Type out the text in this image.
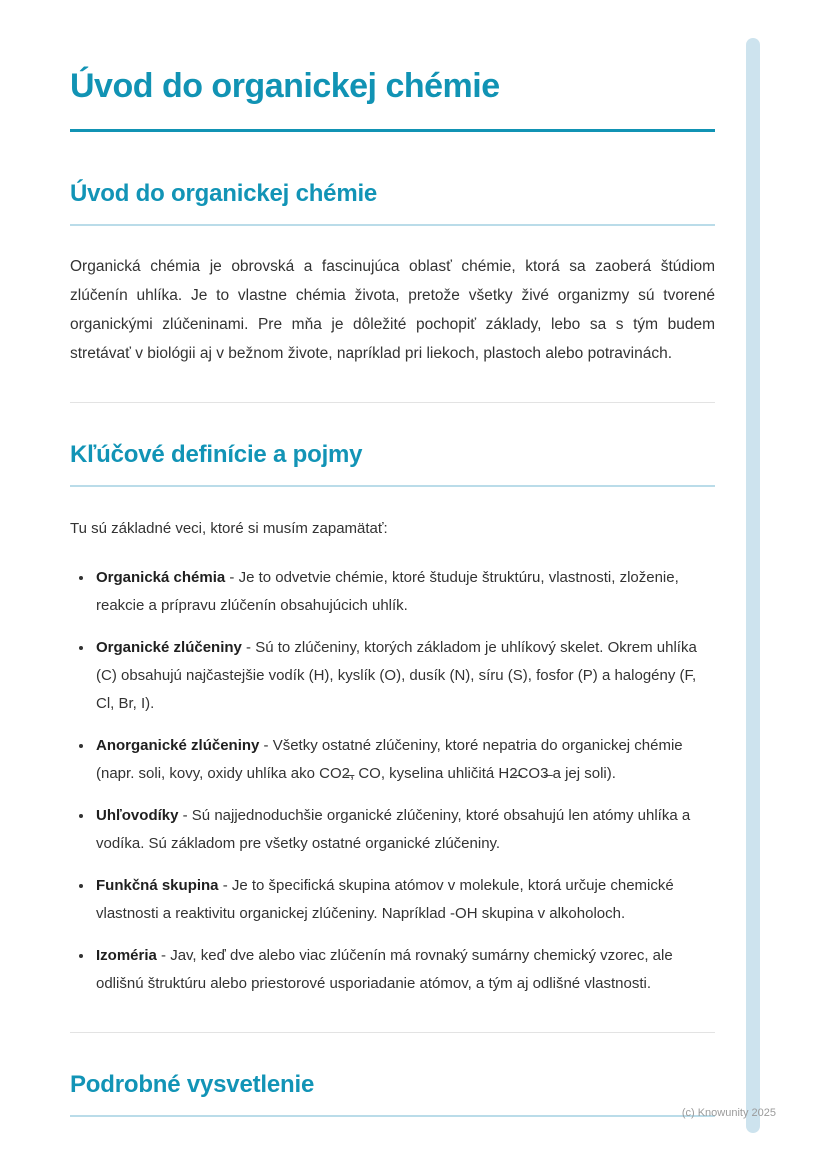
Úvod do organickej chémie
Úvod do organickej chémie

Organická chémia je obrovská a fascinujúca oblasť chémie, ktorá sa zaoberá štúdiom zlúčenín uhlíka. Je to vlastne chémia života, pretože všetky živé organizmy sú tvorené organickými zlúčeninami. Pre mňa je dôležité pochopiť základy, lebo sa s tým budem stretávať v biológii aj v bežnom živote, napríklad pri liekoch, plastoch alebo potravinách.

Kľúčové definície a pojmy

Tu sú základné veci, ktoré si musím zapamätať:

• Organická chémia - Je to odvetvie chémie, ktoré študuje štruktúru, vlastnosti, zloženie, reakcie a prípravu zlúčenín obsahujúcich uhlík.
• Organické zlúčeniny - Sú to zlúčeniny, ktorých základom je uhlíkový skelet. Okrem uhlíka (C) obsahujú najčastejšie vodík (H), kyslík (O), dusík (N), síru (S), fosfor (P) a halogény (F, Cl, Br, I).
• Anorganické zlúčeniny - Všetky ostatné zlúčeniny, ktoré nepatria do organickej chémie (napr. soli, kovy, oxidy uhlíka ako CO2̶, CO, kyselina uhličitá H2̶CO3̶ a jej soli).
• Uhľovodíky - Sú najjednoduchšie organické zlúčeniny, ktoré obsahujú len atómy uhlíka a vodíka. Sú základom pre všetky ostatné organické zlúčeniny.
• Funkčná skupina - Je to špecifická skupina atómov v molekule, ktorá určuje chemické vlastnosti a reaktivitu organickej zlúčeniny. Napríklad -OH skupina v alkoholoch.
• Izoméria - Jav, keď dve alebo viac zlúčenín má rovnaký sumárny chemický vzorec, ale odlišnú štruktúru alebo priestorové usporiadanie atómov, a tým aj odlišné vlastnosti.
Podrobné vysvetlenie
(c) Knowunity 2025
